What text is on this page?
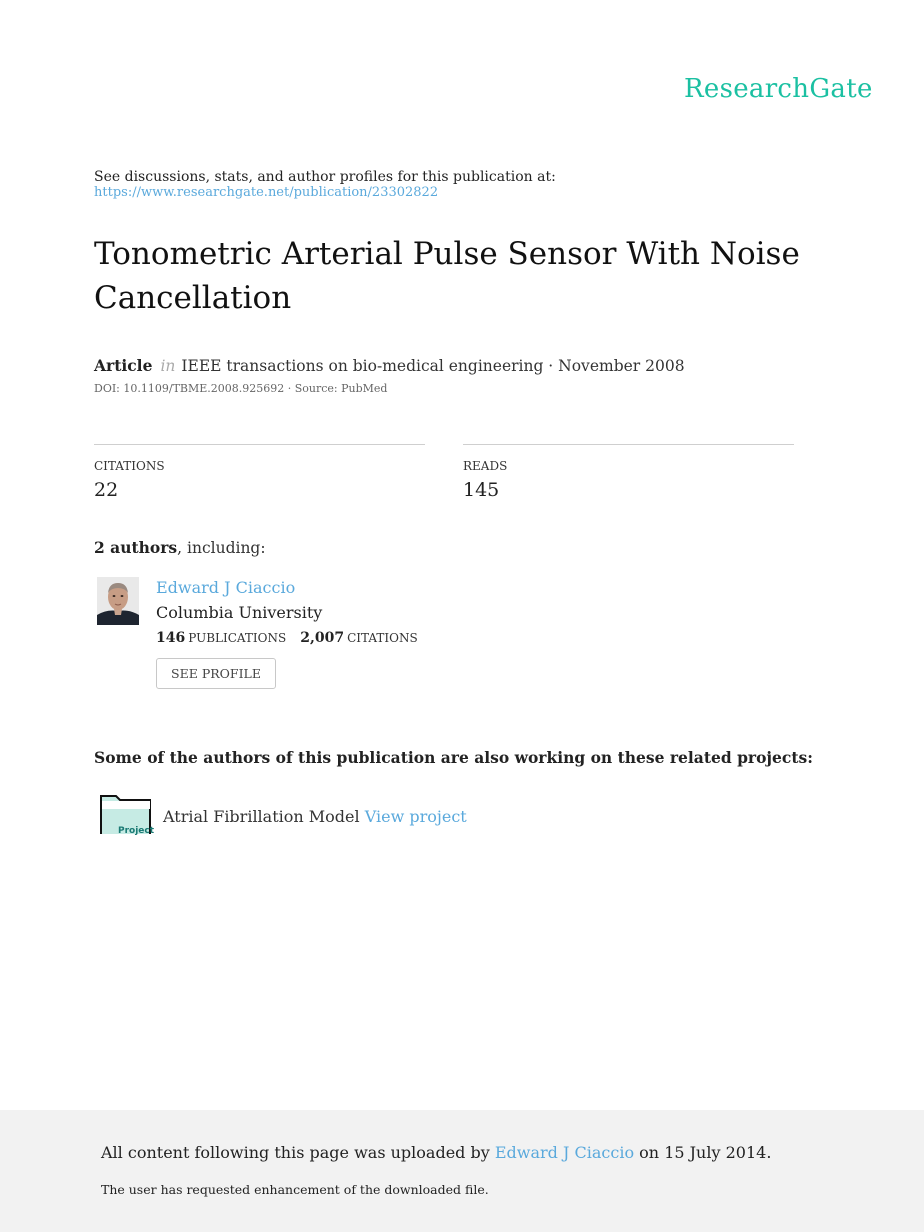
ResearchGate
See discussions, stats, and author profiles for this publication at:
https://www.researchgate.net/publication/23302822
Tonometric Arterial Pulse Sensor With Noise Cancellation
Article in IEEE transactions on bio-medical engineering · November 2008
DOI: 10.1109/TBME.2008.925692 · Source: PubMed
CITATIONS
22
READS
145
2 authors, including:
Edward J Ciaccio
Columbia University
146 PUBLICATIONS 2,007 CITATIONS
SEE PROFILE
Some of the authors of this publication are also working on these related projects:
Project
Atrial Fibrillation Model View project
All content following this page was uploaded by Edward J Ciaccio on 15 July 2014.
The user has requested enhancement of the downloaded file.
